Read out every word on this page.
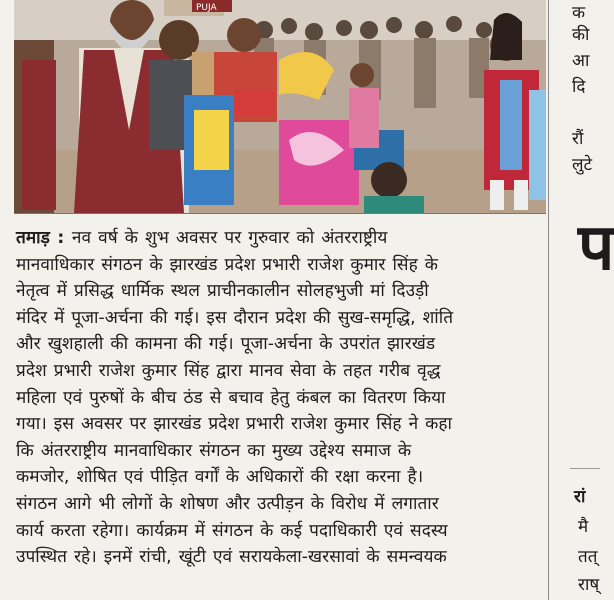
PUJA
तमाड़ : नव वर्ष के शुभ अवसर पर गुरुवार को अंतरराष्ट्रीय
मानवाधिकार संगठन के झारखंड प्रदेश प्रभारी राजेश कुमार सिंह के
नेतृत्व में प्रसिद्ध धार्मिक स्थल प्राचीनकालीन सोलहभुजी मां दिउड़ी
मंदिर में पूजा-अर्चना की गई। इस दौरान प्रदेश की सुख-समृद्धि, शांति
और खुशहाली की कामना की गई। पूजा-अर्चना के उपरांत झारखंड
प्रदेश प्रभारी राजेश कुमार सिंह द्वारा मानव सेवा के तहत गरीब वृद्ध
महिला एवं पुरुषों के बीच ठंड से बचाव हेतु कंबल का वितरण किया
गया। इस अवसर पर झारखंड प्रदेश प्रभारी राजेश कुमार सिंह ने कहा
कि अंतरराष्ट्रीय मानवाधिकार संगठन का मुख्य उद्देश्य समाज के
कमजोर, शोषित एवं पीड़ित वर्गों के अधिकारों की रक्षा करना है।
संगठन आगे भी लोगों के शोषण और उत्पीड़न के विरोध में लगातार
कार्य करता रहेगा। कार्यक्रम में संगठन के कई पदाधिकारी एवं सदस्य
उपस्थित रहे। इनमें रांची, खूंटी एवं सरायकेला-खरसावां के समन्वयक
क
की
आ
दि
रौं
लुटे
प
रां
मै
तत्
राष्
